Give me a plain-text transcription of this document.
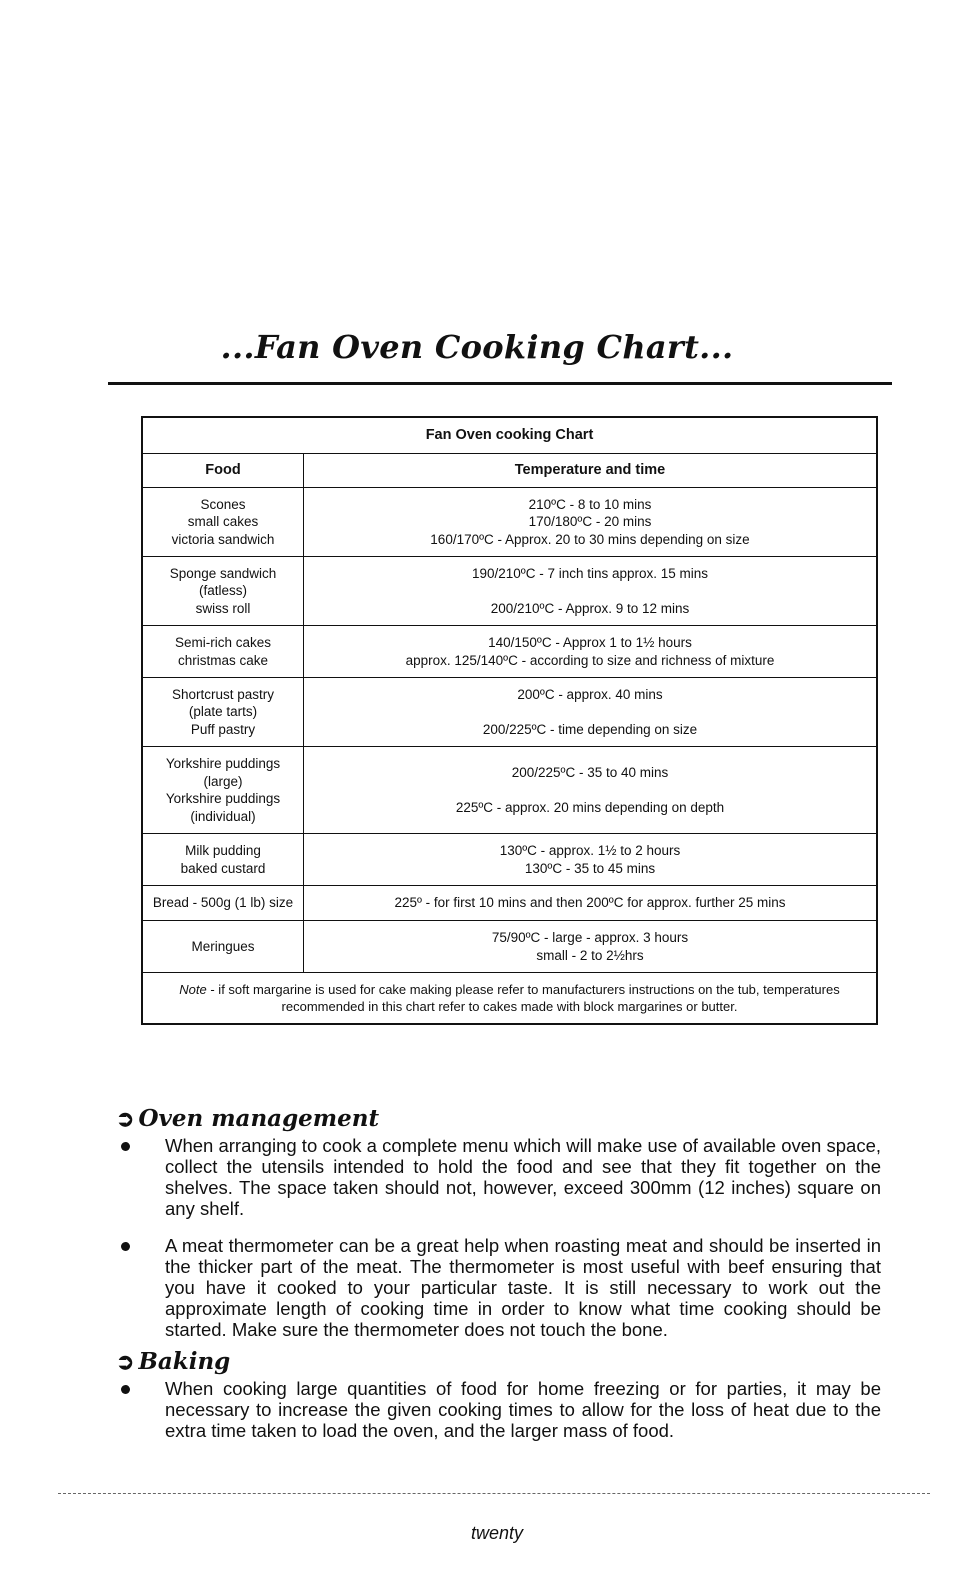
...Fan Oven Cooking Chart...
Fan Oven cooking Chart	
Food	Temperature and time

Scones
small cakes
victoria sandwich	210ºC - 8 to 10 mins
170/180ºC - 20 mins
160/170ºC - Approx. 20 to 30 mins depending on size

Sponge sandwich
(fatless)
swiss roll	190/210ºC - 7 inch tins approx. 15 mins
200/210ºC - Approx. 9 to 12 mins

Semi-rich cakes
christmas cake	140/150ºC - Approx 1 to 1½ hours
approx. 125/140ºC - according to size and richness of mixture

Shortcrust pastry
(plate tarts)
Puff pastry	200ºC - approx. 40 mins
200/225ºC - time depending on size

Yorkshire puddings
(large)
Yorkshire puddings
(individual)	200/225ºC - 35 to 40 mins
225ºC - approx. 20 mins depending on depth

Milk pudding
baked custard	130ºC - approx. 1½ to 2 hours
130ºC - 35 to 45 mins

Bread - 500g (1 lb) size	225º - for first 10 mins and then 200ºC for approx. further 25 mins

Meringues	75/90ºC - large - approx. 3 hours
small - 2 to 2½hrs

Note - if soft margarine is used for cake making please refer to manufacturers instructions on the tub, temperatures
recommended in this chart refer to cakes made with block margarines or butter.	
➲ Oven management
When arranging to cook a complete menu which will make use of available oven space, collect the utensils intended to hold the food and see that they fit together on the shelves. The space taken should not, however, exceed 300mm (12 inches) square on any shelf.
A meat thermometer can be a great help when roasting meat and should be inserted in the thicker part of the meat. The thermometer is most useful with beef ensuring that you have it cooked to your particular taste. It is still necessary to work out the approximate length of cooking time in order to know what time cooking should be started. Make sure the thermometer does not touch the bone.
➲ Baking
When cooking large quantities of food for home freezing or for parties, it may be necessary to increase the given cooking times to allow for the loss of heat due to the extra time taken to load the oven, and the larger mass of food.
twenty
